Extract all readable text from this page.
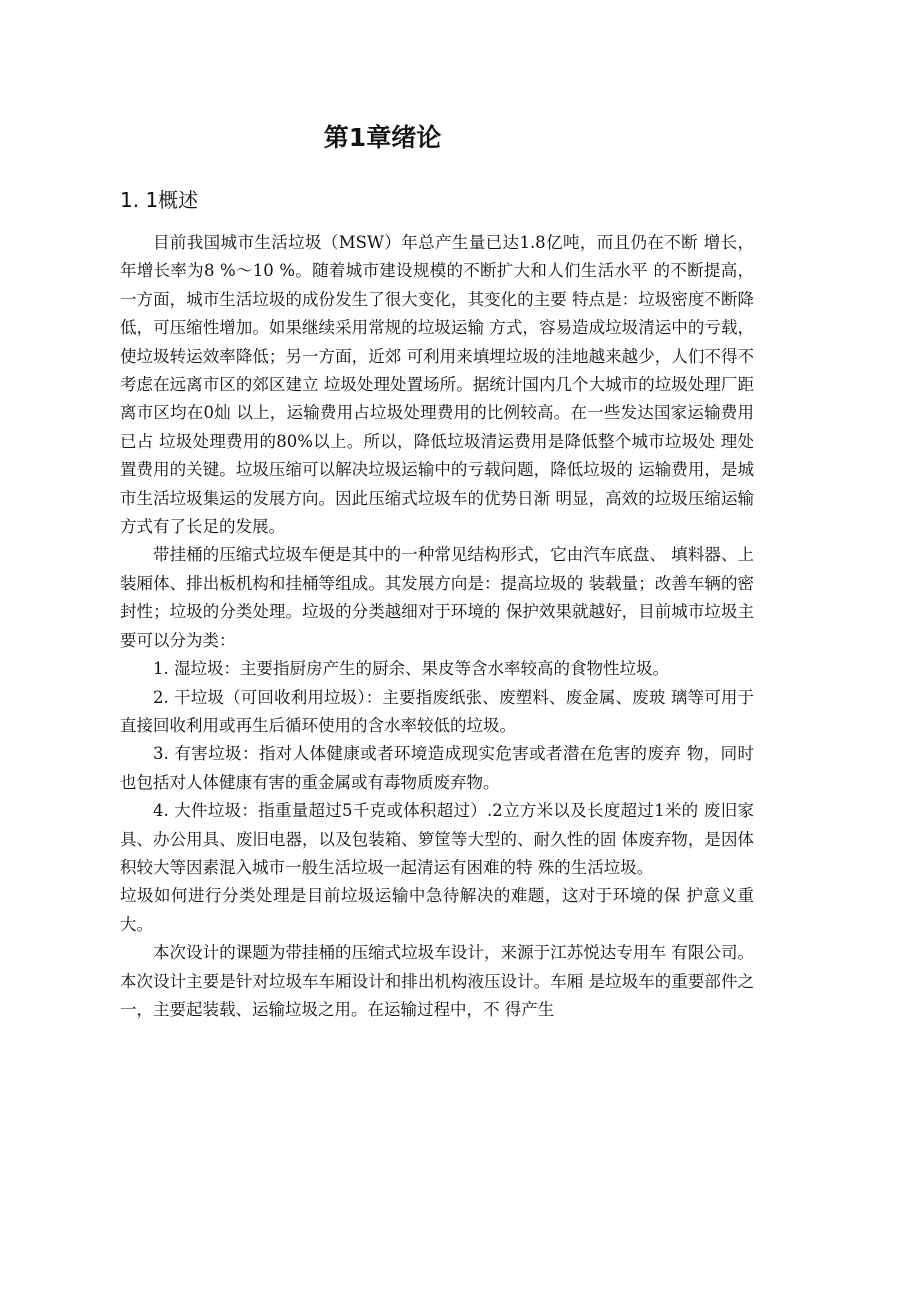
第1章绪论
1. 1概述

目前我国城市生活垃圾（MSW）年总产生量已达1.8亿吨，而且仍在不断 增长，年增长率为8 %～10 %。随着城市建设规模的不断扩大和人们生活水平 的不断提高，一方面，城市生活垃圾的成份发生了很大变化，其变化的主要 特点是：垃圾密度不断降低，可压缩性增加。如果继续采用常规的垃圾运输 方式，容易造成垃圾清运中的亏载，使垃圾转运效率降低；另一方面，近郊 可利用来填埋垃圾的洼地越来越少，人们不得不考虑在远离市区的郊区建立 垃圾处理处置场所。据统计国内几个大城市的垃圾处理厂距离市区均在0灿 以上，运输费用占垃圾处理费用的比例较高。在一些发达国家运输费用已占 垃圾处理费用的80%以上。所以，降低垃圾清运费用是降低整个城市垃圾处 理处置费用的关键。垃圾压缩可以解决垃圾运输中的亏载问题，降低垃圾的 运输费用，是城市生活垃圾集运的发展方向。因此压缩式垃圾车的优势日渐 明显，高效的垃圾压缩运输方式有了长足的发展。

带挂桶的压缩式垃圾车便是其中的一种常见结构形式，它由汽车底盘、 填料器、上装厢体、排出板机构和挂桶等组成。其发展方向是：提高垃圾的 装载量；改善车辆的密封性；垃圾的分类处理。垃圾的分类越细对于环境的 保护效果就越好，目前城市垃圾主要可以分为类：

1. 湿垃圾：主要指厨房产生的厨余、果皮等含水率较高的食物性垃圾。

2. 干垃圾（可回收利用垃圾）：主要指废纸张、废塑料、废金属、废玻 璃等可用于直接回收利用或再生后循环使用的含水率较低的垃圾。

3. 有害垃圾：指对人体健康或者环境造成现实危害或者潜在危害的废弃 物，同时也包括对人体健康有害的重金属或有毒物质废弃物。

4. 大件垃圾：指重量超过5千克或体积超过）.2立方米以及长度超过1米的 废旧家具、办公用具、废旧电器，以及包装箱、箩筐等大型的、耐久性的固 体废弃物，是因体积较大等因素混入城市一般生活垃圾一起清运有困难的特 殊的生活垃圾。

垃圾如何进行分类处理是目前垃圾运输中急待解决的难题，这对于环境的保 护意义重大。

本次设计的课题为带挂桶的压缩式垃圾车设计，来源于江苏悦达专用车 有限公司。本次设计主要是针对垃圾车车厢设计和排出机构液压设计。车厢 是垃圾车的重要部件之一，主要起装载、运输垃圾之用。在运输过程中，不 得产生
